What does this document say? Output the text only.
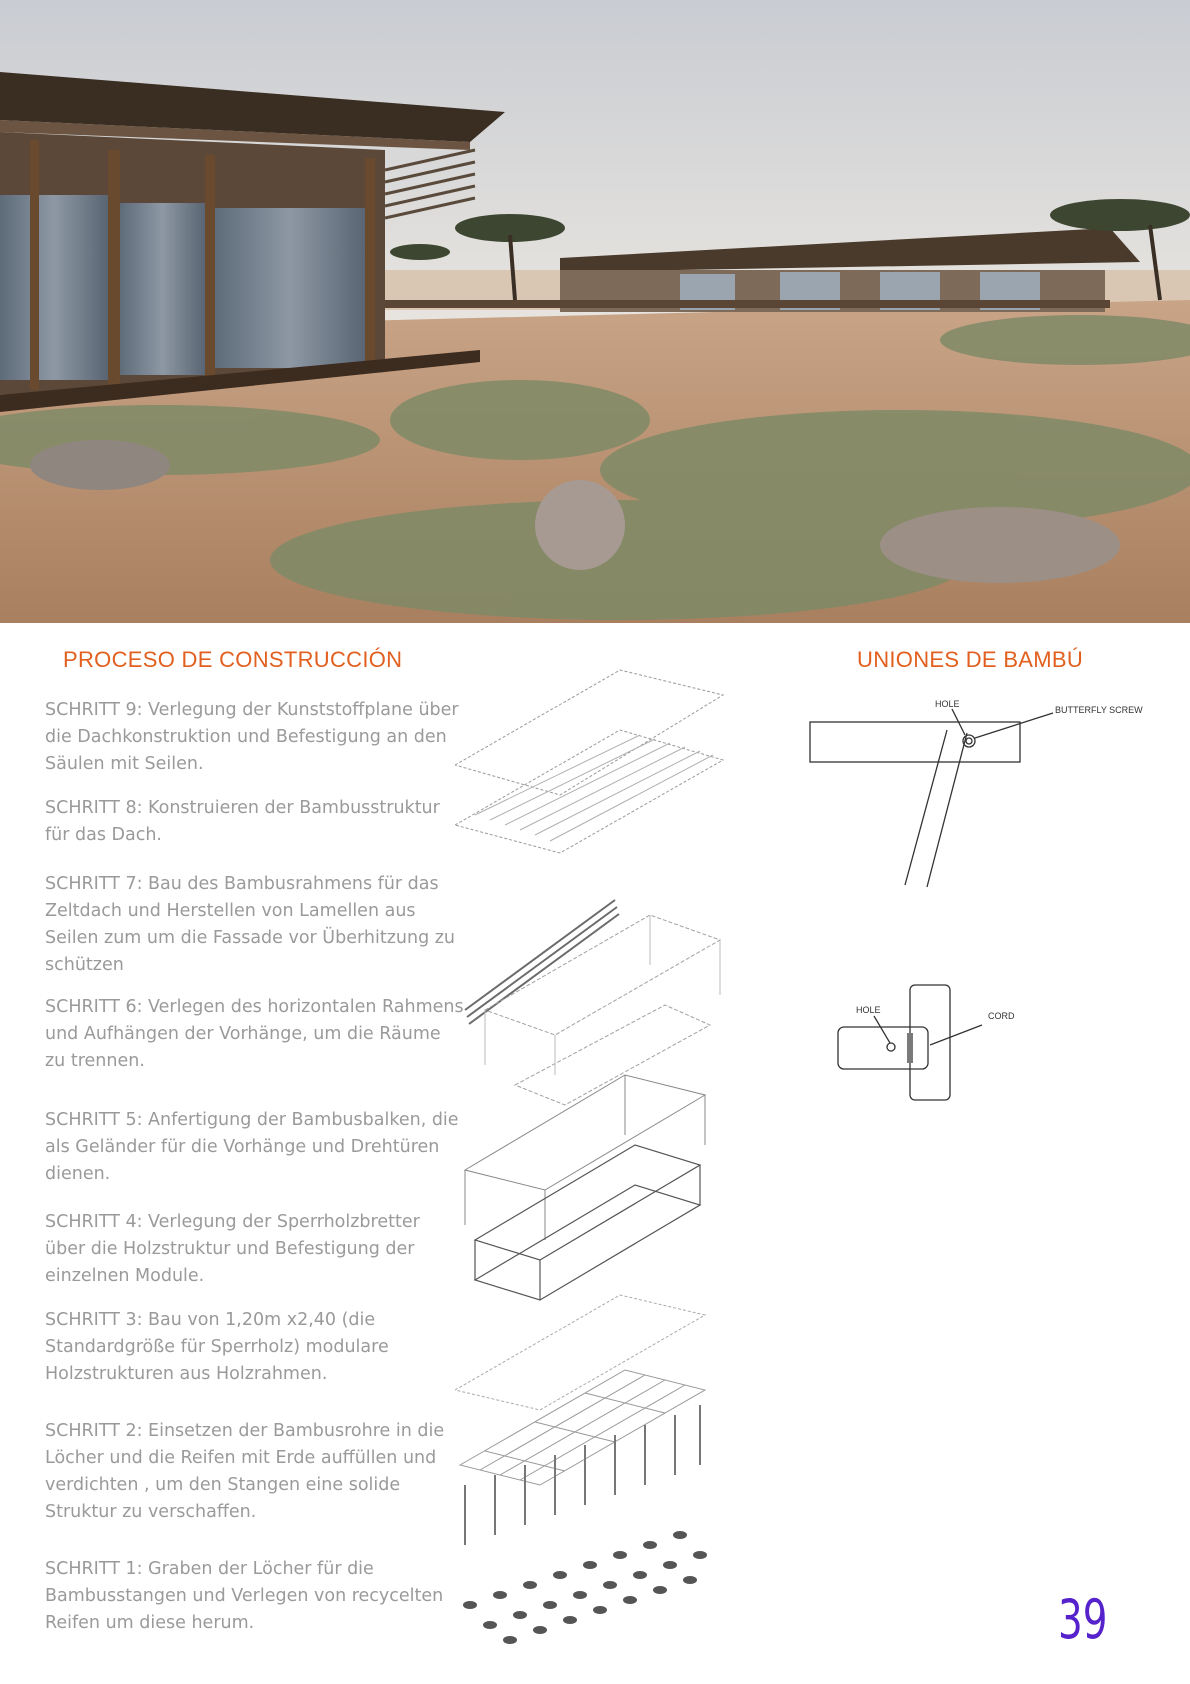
PROCESO DE CONSTRUCCIÓN	UNIONES DE BAMBÚ

SCHRITT 9: Verlegung der Kunststoffplane über die Dachkonstruktion und Befestigung an den Säulen mit Seilen.

SCHRITT 8: Konstruieren der Bambusstruktur für das Dach.

SCHRITT 7: Bau des Bambusrahmens für das Zeltdach und Herstellen von Lamellen aus Seilen zum um die Fassade vor Überhitzung zu schützen

SCHRITT 6: Verlegen des horizontalen Rahmens und Aufhängen der Vorhänge, um die Räume zu trennen.

SCHRITT 5: Anfertigung der Bambusbalken, die als Geländer für die Vorhänge und Drehtüren dienen.

SCHRITT 4: Verlegung der Sperrholzbretter über die Holzstruktur und Befestigung der einzelnen Module.

SCHRITT 3: Bau von 1,20m x2,40 (die Standardgröße für Sperrholz) modulare Holzstrukturen aus Holzrahmen.

SCHRITT 2: Einsetzen der Bambusrohre in die Löcher und die Reifen mit Erde auffüllen und verdichten , um den Stangen eine solide Struktur zu verschaffen.

SCHRITT 1: Graben der Löcher für die Bambusstangen und Verlegen von recycelten Reifen um diese herum.

HOLE
BUTTERFLY SCREW
HOLE
CORD

39
